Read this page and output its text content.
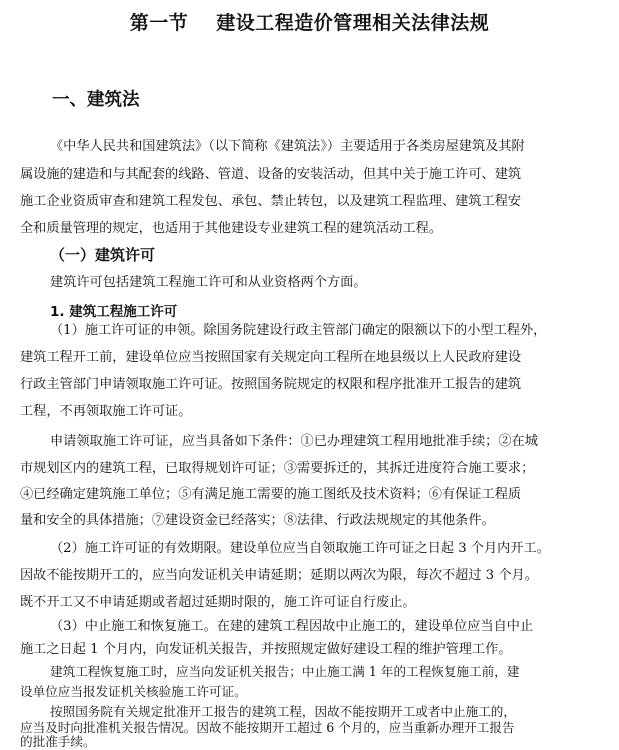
第一节 建设工程造价管理相关法律法规
一、建筑法
《中华人民共和国建筑法》（以下简称《建筑法》）主要适用于各类房屋建筑及其附
属设施的建造和与其配套的线路、管道、设备的安装活动，但其中关于施工许可、建筑
施工企业资质审查和建筑工程发包、承包、禁止转包，以及建筑工程监理、建筑工程安
全和质量管理的规定，也适用于其他建设专业建筑工程的建筑活动工程。
（一）建筑许可
建筑许可包括建筑工程施工许可和从业资格两个方面。
1. 建筑工程施工许可
（1）施工许可证的申领。除国务院建设行政主管部门确定的限额以下的小型工程外，
建筑工程开工前，建设单位应当按照国家有关规定向工程所在地县级以上人民政府建设
行政主管部门申请领取施工许可证。按照国务院规定的权限和程序批准开工报告的建筑
工程，不再领取施工许可证。
申请领取施工许可证，应当具备如下条件：①已办理建筑工程用地批准手续；②在城
市规划区内的建筑工程，已取得规划许可证；③需要拆迁的，其拆迁进度符合施工要求；
④已经确定建筑施工单位；⑤有满足施工需要的施工图纸及技术资料；⑥有保证工程质
量和安全的具体措施；⑦建设资金已经落实；⑧法律、行政法规规定的其他条件。
（2）施工许可证的有效期限。建设单位应当自领取施工许可证之日起 3 个月内开工。
因故不能按期开工的，应当向发证机关申请延期；延期以两次为限，每次不超过 3 个月。
既不开工又不申请延期或者超过延期时限的，施工许可证自行废止。
（3）中止施工和恢复施工。在建的建筑工程因故中止施工的，建设单位应当自中止
施工之日起 1 个月内，向发证机关报告，并按照规定做好建设工程的维护管理工作。
建筑工程恢复施工时，应当向发证机关报告；中止施工满 1 年的工程恢复施工前，建
设单位应当报发证机关核验施工许可证。
按照国务院有关规定批准开工报告的建筑工程，因故不能按期开工或者中止施工的，
应当及时向批准机关报告情况。因故不能按期开工超过 6 个月的，应当重新办理开工报告
的批准手续。
